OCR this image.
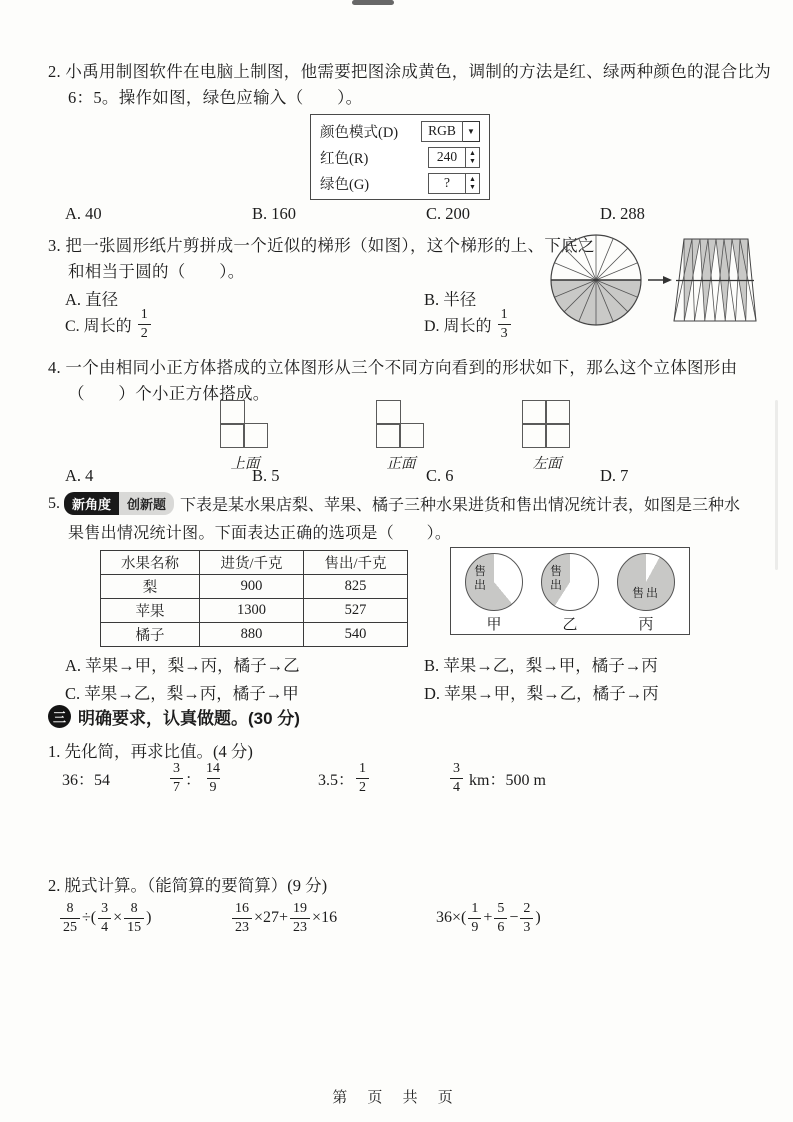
2. 小禹用制图软件在电脑上制图，他需要把图涂成黄色，调制的方法是红、绿两种颜色的混合比为
6：5。操作如图，绿色应输入（　　）。
颜色模式(D)	RGB	▼
红色(R)	240	▲
▼
绿色(G)	?	▲
▼
A. 40	B. 160	C. 200	D. 288
3. 把一张圆形纸片剪拼成一个近似的梯形（如图），这个梯形的上、下底之
和相当于圆的（　　）。
A. 直径	B. 半径
C. 周长的 $\frac{1}{2}$	D. 周长的 $\frac{1}{3}$
4. 一个由相同小正方体搭成的立体图形从三个不同方向看到的形状如下，那么这个立体图形由
（　　）个小正方体搭成。
上面	正面	左面
A. 4	B. 5	C. 6	D. 7
5. 新角度	创新题 下表是某水果店梨、苹果、橘子三种水果进货和售出情况统计表，如图是三种水
果售出情况统计图。下面表达正确的选项是（　　）。
水果名称	进货/千克	售出/千克
梨	900	825
苹果	1300	527
橘子	880	540
售出
甲
售出
乙
售出
丙
A. 苹果→甲，梨→丙，橘子→乙	B. 苹果→乙，梨→甲，橘子→丙
C. 苹果→乙，梨→丙，橘子→甲	D. 苹果→甲，梨→乙，橘子→丙
三 明确要求，认真做题。(30 分)
1. 先化简，再求比值。(4 分)
36：54	$\frac{3}{7}$ ： $\frac{14}{9}$	3.5： $\frac{1}{2}$	$\frac{3}{4}$ km：500 m
2. 脱式计算。（能简算的要简算）(9 分)
$\frac{8}{25}$ ÷( $\frac{3}{4} \times \frac{8}{15}$ )	$\frac{16}{23} \times 27+ \frac{19}{23} \times 16$	$36\times( \frac{1}{9} + \frac{5}{6} - \frac{2}{3}$ )
第 页 共 页
